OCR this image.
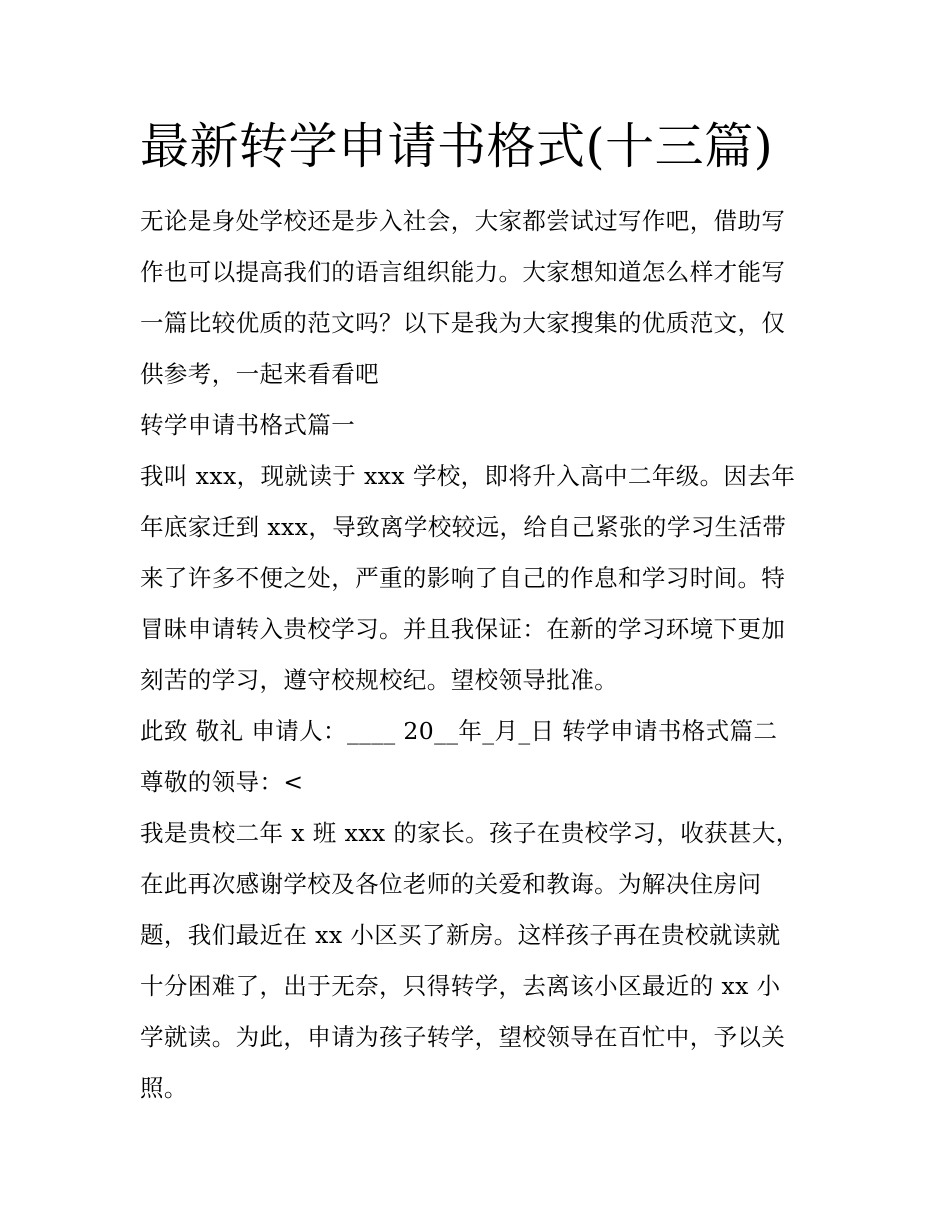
最新转学申请书格式(十三篇)
无论是身处学校还是步入社会，大家都尝试过写作吧，借助写
作也可以提高我们的语言组织能力。大家想知道怎么样才能写
一篇比较优质的范文吗？以下是我为大家搜集的优质范文，仅
供参考，一起来看看吧
转学申请书格式篇一
我叫 xxx，现就读于 xxx 学校，即将升入高中二年级。因去年
年底家迁到 xxx，导致离学校较远，给自己紧张的学习生活带
来了许多不便之处，严重的影响了自己的作息和学习时间。特
冒昧申请转入贵校学习。并且我保证：在新的学习环境下更加
刻苦的学习，遵守校规校纪。望校领导批准。
此致 敬礼 申请人：____ 20__年_月_日 转学申请书格式篇二
尊敬的领导：<
我是贵校二年 x 班 xxx 的家长。孩子在贵校学习，收获甚大，
在此再次感谢学校及各位老师的关爱和教诲。为解决住房问
题，我们最近在 xx 小区买了新房。这样孩子再在贵校就读就
十分困难了，出于无奈，只得转学，去离该小区最近的 xx 小
学就读。为此，申请为孩子转学，望校领导在百忙中，予以关
照。
